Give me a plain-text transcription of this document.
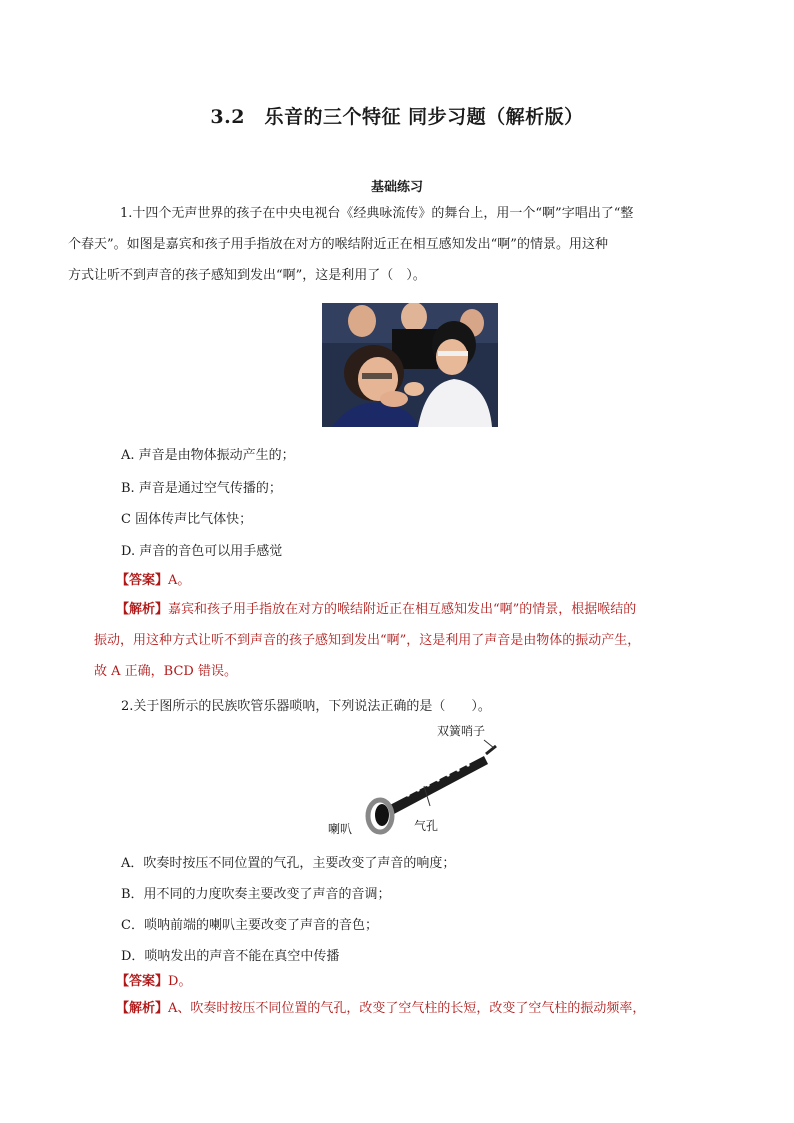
3.2　乐音的三个特征 同步习题（解析版）
基础练习
1.十四个无声世界的孩子在中央电视台《经典咏流传》的舞台上，用一个“啊”字唱出了“整
个春天”。如图是嘉宾和孩子用手指放在对方的喉结附近正在相互感知发出“啊”的情景。用这种
方式让听不到声音的孩子感知到发出“啊”，这是利用了（　）。
A. 声音是由物体振动产生的；
B. 声音是通过空气传播的；
C 固体传声比气体快；
D. 声音的音色可以用手感觉
【答案】A。
【解析】嘉宾和孩子用手指放在对方的喉结附近正在相互感知发出“啊”的情景，根据喉结的
振动，用这种方式让听不到声音的孩子感知到发出“啊”，这是利用了声音是由物体的振动产生，
故 A 正确，BCD 错误。
2.关于图所示的民族吹管乐器唢呐，下列说法正确的是（　　）。
双簧哨子
喇叭	气孔
A．吹奏时按压不同位置的气孔，主要改变了声音的响度；
B．用不同的力度吹奏主要改变了声音的音调；
C．唢呐前端的喇叭主要改变了声音的音色；
D．唢呐发出的声音不能在真空中传播
【答案】D。
【解析】A、吹奏时按压不同位置的气孔，改变了空气柱的长短，改变了空气柱的振动频率，
